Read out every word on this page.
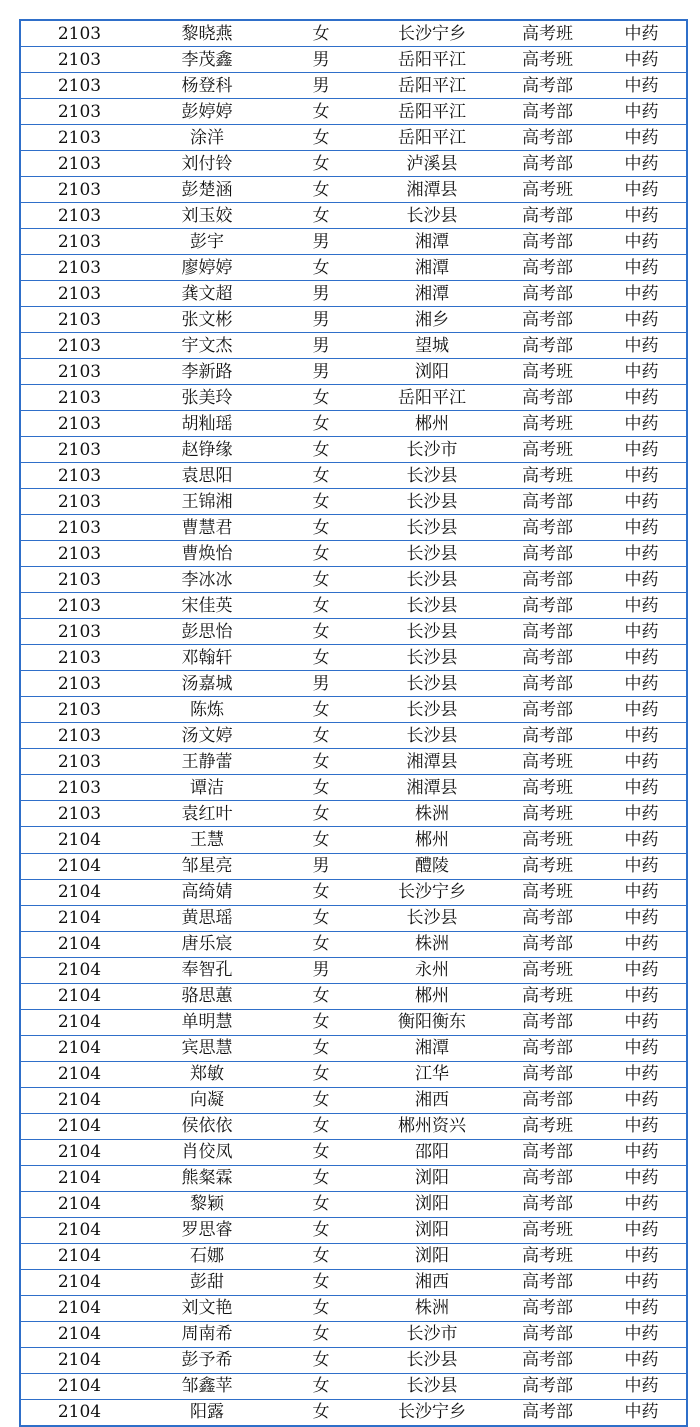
2103	黎晓燕	女	长沙宁乡	高考班	中药
2103	李茂鑫	男	岳阳平江	高考班	中药
2103	杨登科	男	岳阳平江	高考部	中药
2103	彭婷婷	女	岳阳平江	高考部	中药
2103	涂洋	女	岳阳平江	高考部	中药
2103	刘付铃	女	泸溪县	高考部	中药
2103	彭楚涵	女	湘潭县	高考班	中药
2103	刘玉姣	女	长沙县	高考部	中药
2103	彭宇	男	湘潭	高考部	中药
2103	廖婷婷	女	湘潭	高考部	中药
2103	龚文超	男	湘潭	高考部	中药
2103	张文彬	男	湘乡	高考部	中药
2103	宇文杰	男	望城	高考部	中药
2103	李新路	男	浏阳	高考班	中药
2103	张美玲	女	岳阳平江	高考部	中药
2103	胡籼瑶	女	郴州	高考班	中药
2103	赵铮缘	女	长沙市	高考班	中药
2103	袁思阳	女	长沙县	高考班	中药
2103	王锦湘	女	长沙县	高考部	中药
2103	曹慧君	女	长沙县	高考部	中药
2103	曹焕怡	女	长沙县	高考部	中药
2103	李冰冰	女	长沙县	高考部	中药
2103	宋佳英	女	长沙县	高考部	中药
2103	彭思怡	女	长沙县	高考部	中药
2103	邓翰轩	女	长沙县	高考部	中药
2103	汤嘉城	男	长沙县	高考部	中药
2103	陈炼	女	长沙县	高考部	中药
2103	汤文婷	女	长沙县	高考部	中药
2103	王静蕾	女	湘潭县	高考班	中药
2103	谭洁	女	湘潭县	高考班	中药
2103	袁红叶	女	株洲	高考班	中药
2104	王慧	女	郴州	高考班	中药
2104	邹星亮	男	醴陵	高考班	中药
2104	高绮婧	女	长沙宁乡	高考班	中药
2104	黄思瑶	女	长沙县	高考部	中药
2104	唐乐宸	女	株洲	高考部	中药
2104	奉智孔	男	永州	高考班	中药
2104	骆思蕙	女	郴州	高考班	中药
2104	单明慧	女	衡阳衡东	高考部	中药
2104	宾思慧	女	湘潭	高考部	中药
2104	郑敏	女	江华	高考部	中药
2104	向凝	女	湘西	高考部	中药
2104	侯依依	女	郴州资兴	高考班	中药
2104	肖佼凤	女	邵阳	高考部	中药
2104	熊粲霖	女	浏阳	高考部	中药
2104	黎颖	女	浏阳	高考部	中药
2104	罗思睿	女	浏阳	高考班	中药
2104	石娜	女	浏阳	高考班	中药
2104	彭甜	女	湘西	高考部	中药
2104	刘文艳	女	株洲	高考部	中药
2104	周南希	女	长沙市	高考部	中药
2104	彭予希	女	长沙县	高考部	中药
2104	邹鑫苹	女	长沙县	高考部	中药
2104	阳露	女	长沙宁乡	高考部	中药
